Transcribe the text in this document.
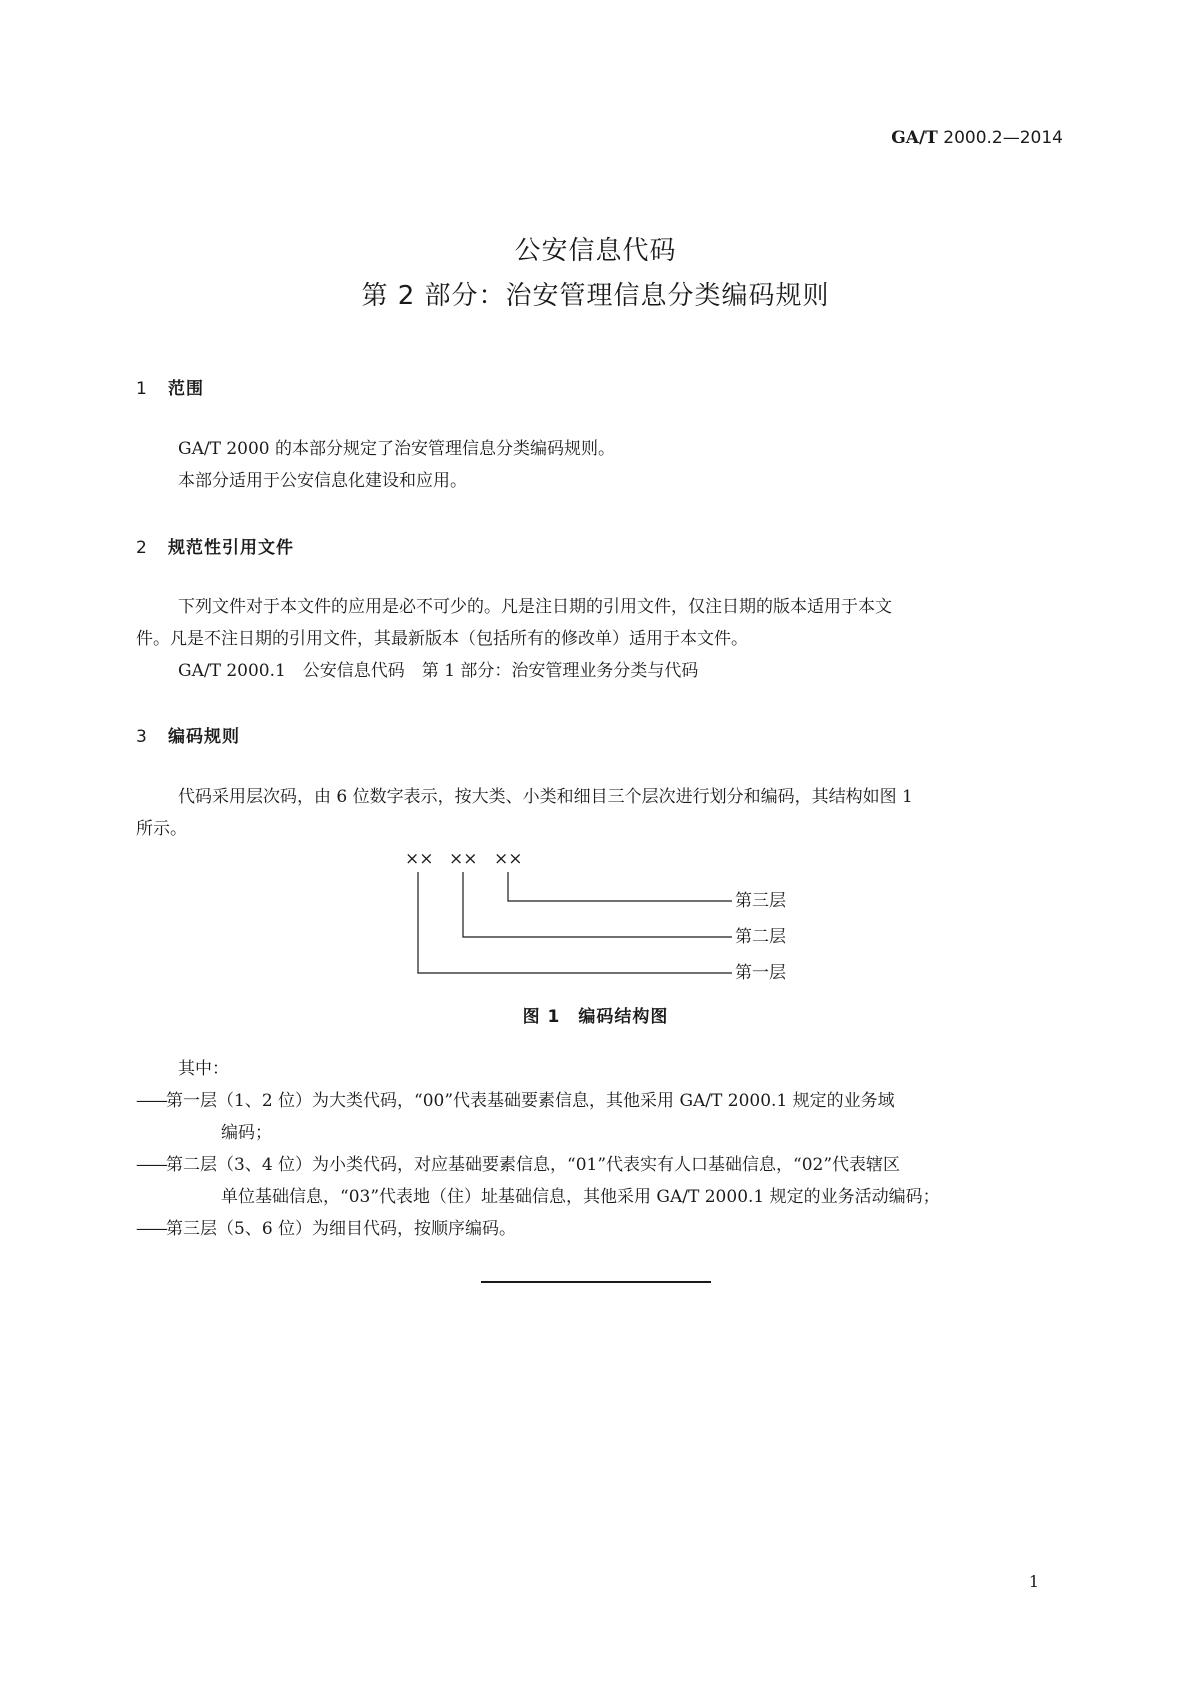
GA/T 2000.2—2014
公安信息代码
第 2 部分：治安管理信息分类编码规则
1 范围
GA/T 2000 的本部分规定了治安管理信息分类编码规则。
本部分适用于公安信息化建设和应用。
2 规范性引用文件
下列文件对于本文件的应用是必不可少的。凡是注日期的引用文件，仅注日期的版本适用于本文
件。凡是不注日期的引用文件，其最新版本（包括所有的修改单）适用于本文件。
GA/T 2000.1　公安信息代码　第 1 部分：治安管理业务分类与代码
3 编码规则
代码采用层次码，由 6 位数字表示，按大类、小类和细目三个层次进行划分和编码，其结构如图 1
所示。
×× ×× ××
第三层
第二层
第一层
图 1　编码结构图
其中：
——第一层（1、2 位）为大类代码，“00”代表基础要素信息，其他采用 GA/T 2000.1 规定的业务域
编码；
——第二层（3、4 位）为小类代码，对应基础要素信息，“01”代表实有人口基础信息，“02”代表辖区
单位基础信息，“03”代表地（住）址基础信息，其他采用 GA/T 2000.1 规定的业务活动编码；
——第三层（5、6 位）为细目代码，按顺序编码。
1
